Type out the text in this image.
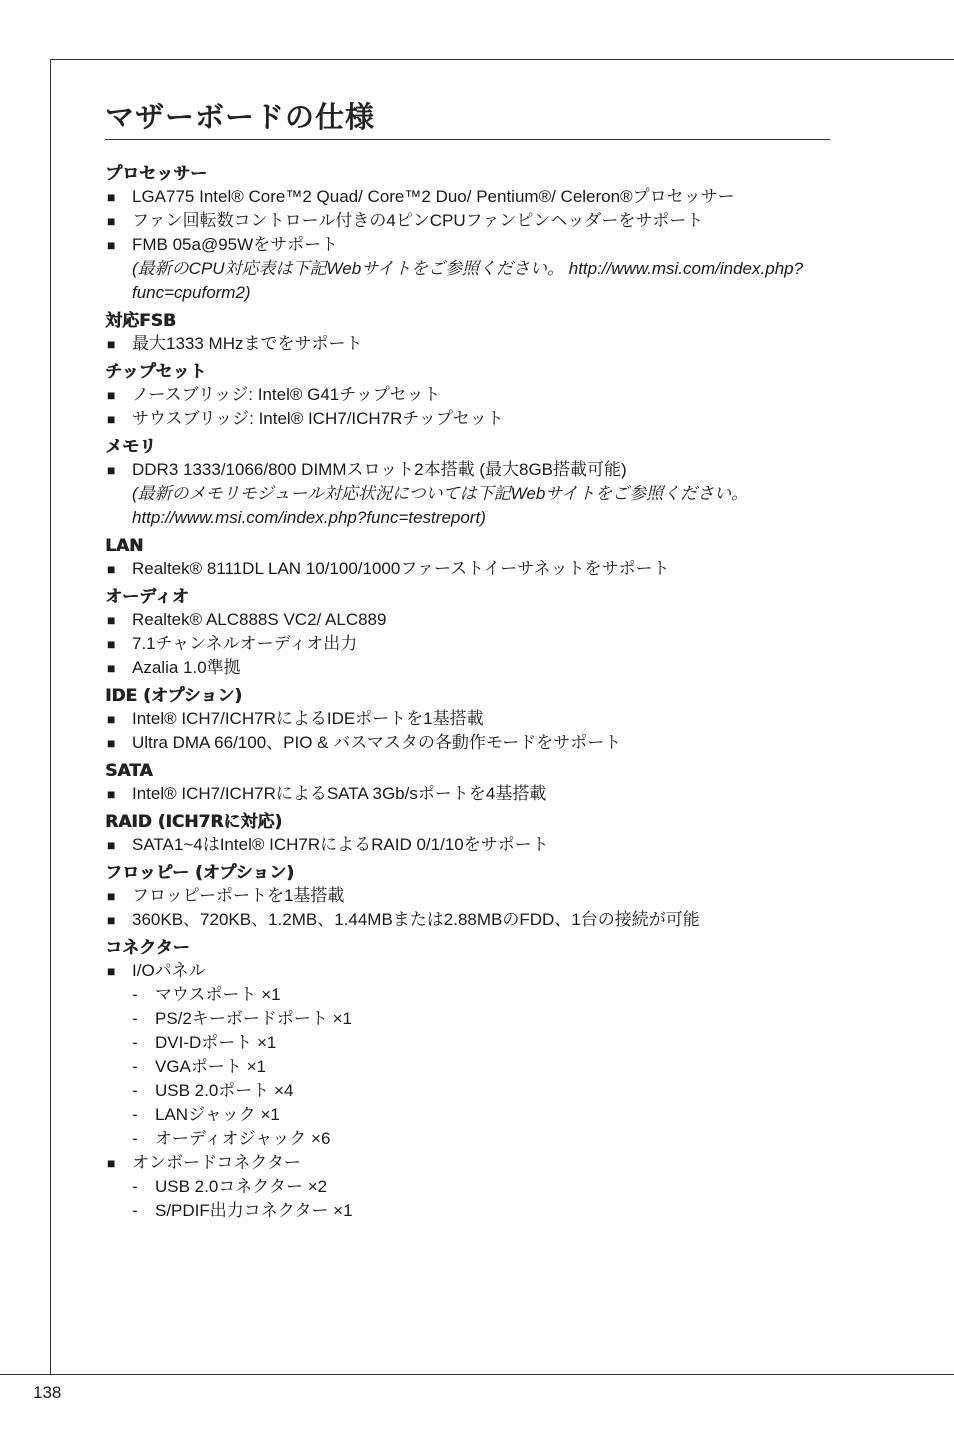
マザーボードの仕様
プロセッサー
■ LGA775 Intel® Core™2 Quad/ Core™2 Duo/ Pentium®/ Celeron®プロセッサー
■ ファン回転数コントロール付きの4ピンCPUファンピンヘッダーをサポート
■ FMB 05a@95Wをサポート
(最新のCPU対応表は下記Webサイトをご参照ください。 http://www.msi.com/index.php?func=cpuform2)
対応FSB
■ 最大1333 MHzまでをサポート
チップセット
■ ノースブリッジ: Intel® G41チップセット
■ サウスブリッジ: Intel® ICH7/ICH7Rチップセット
メモリ
■ DDR3 1333/1066/800 DIMMスロット2本搭載 (最大8GB搭載可能)
(最新のメモリモジュール対応状況については下記Webサイトをご参照ください。http://www.msi.com/index.php?func=testreport)
LAN
■ Realtek® 8111DL LAN 10/100/1000ファーストイーサネットをサポート
オーディオ
■ Realtek® ALC888S VC2/ ALC889
■ 7.1チャンネルオーディオ出力
■ Azalia 1.0準拠
IDE (オプション)
■ Intel® ICH7/ICH7RによるIDEポートを1基搭載
■ Ultra DMA 66/100、PIO & バスマスタの各動作モードをサポート
SATA
■ Intel® ICH7/ICH7RによるSATA 3Gb/sポートを4基搭載
RAID (ICH7Rに対応)
■ SATA1~4はIntel® ICH7RによるRAID 0/1/10をサポート
フロッピー (オプション)
■ フロッピーポートを1基搭載
■ 360KB、720KB、1.2MB、1.44MBまたは2.88MBのFDD、1台の接続が可能
コネクター
■ I/Oパネル
- マウスポート ×1
- PS/2キーボードポート ×1
- DVI-Dポート ×1
- VGAポート ×1
- USB 2.0ポート ×4
- LANジャック ×1
- オーディオジャック ×6
■ オンボードコネクター
- USB 2.0コネクター ×2
- S/PDIF出力コネクター ×1
138
